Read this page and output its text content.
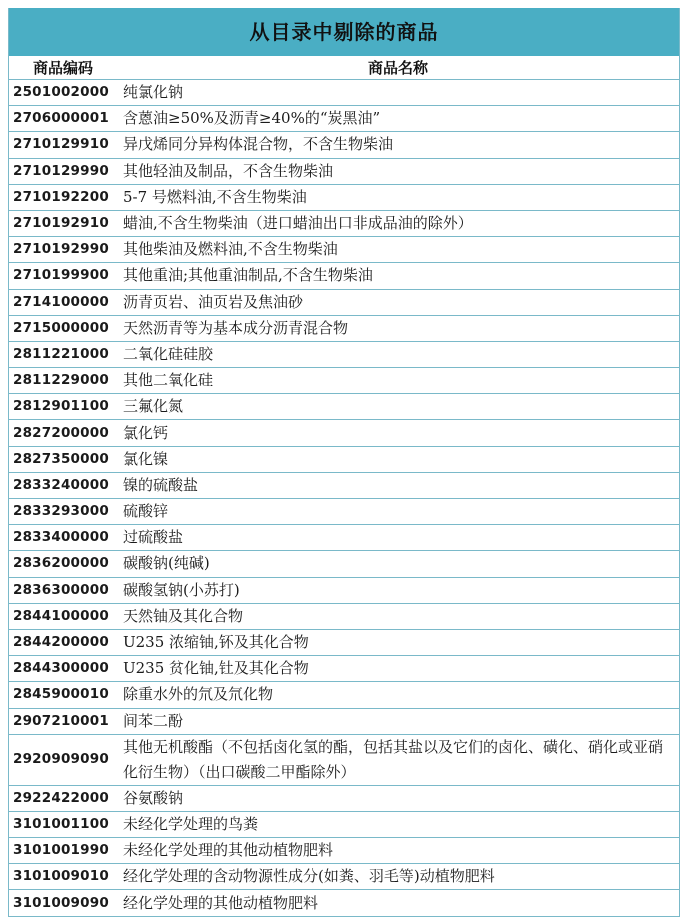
从目录中剔除的商品
商品编码	商品名称
2501002000	纯氯化钠
2706000001	含蒽油≥50%及沥青≥40%的“炭黑油”
2710129910	异戊烯同分异构体混合物，不含生物柴油
2710129990	其他轻油及制品，不含生物柴油
2710192200	5-7 号燃料油,不含生物柴油
2710192910	蜡油,不含生物柴油（进口蜡油出口非成品油的除外）
2710192990	其他柴油及燃料油,不含生物柴油
2710199900	其他重油;其他重油制品,不含生物柴油
2714100000	沥青页岩、油页岩及焦油砂
2715000000	天然沥青等为基本成分沥青混合物
2811221000	二氧化硅硅胶
2811229000	其他二氧化硅
2812901100	三氟化氮
2827200000	氯化钙
2827350000	氯化镍
2833240000	镍的硫酸盐
2833293000	硫酸锌
2833400000	过硫酸盐
2836200000	碳酸钠(纯碱)
2836300000	碳酸氢钠(小苏打)
2844100000	天然铀及其化合物
2844200000	U235 浓缩铀,钚及其化合物
2844300000	U235 贫化铀,钍及其化合物
2845900010	除重水外的氘及氘化物
2907210001	间苯二酚
2920909090	其他无机酸酯（不包括卤化氢的酯，包括其盐以及它们的卤化、磺化、硝化或亚硝化衍生物）（出口碳酸二甲酯除外）
2922422000	谷氨酸钠
3101001100	未经化学处理的鸟粪
3101001990	未经化学处理的其他动植物肥料
3101009010	经化学处理的含动物源性成分(如粪、羽毛等)动植物肥料
3101009090	经化学处理的其他动植物肥料
